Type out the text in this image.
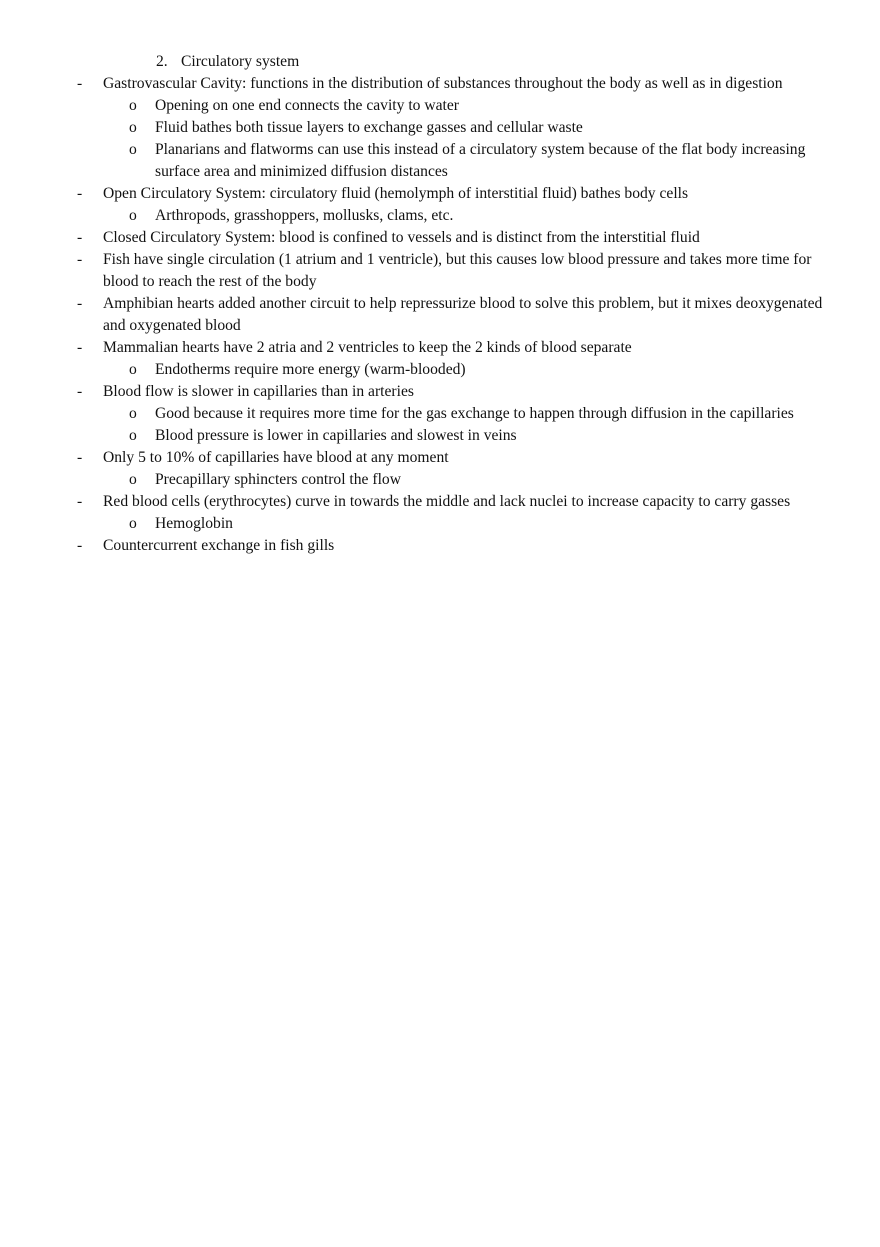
2. Circulatory system
- Gastrovascular Cavity: functions in the distribution of substances throughout the body as well as in digestion
o Opening on one end connects the cavity to water
o Fluid bathes both tissue layers to exchange gasses and cellular waste
o Planarians and flatworms can use this instead of a circulatory system because of the flat body increasing surface area and minimized diffusion distances
- Open Circulatory System: circulatory fluid (hemolymph of interstitial fluid) bathes body cells
o Arthropods, grasshoppers, mollusks, clams, etc.
- Closed Circulatory System: blood is confined to vessels and is distinct from the interstitial fluid
- Fish have single circulation (1 atrium and 1 ventricle), but this causes low blood pressure and takes more time for blood to reach the rest of the body
- Amphibian hearts added another circuit to help repressurize blood to solve this problem, but it mixes deoxygenated and oxygenated blood
- Mammalian hearts have 2 atria and 2 ventricles to keep the 2 kinds of blood separate
o Endotherms require more energy (warm-blooded)
- Blood flow is slower in capillaries than in arteries
o Good because it requires more time for the gas exchange to happen through diffusion in the capillaries
o Blood pressure is lower in capillaries and slowest in veins
- Only 5 to 10% of capillaries have blood at any moment
o Precapillary sphincters control the flow
- Red blood cells (erythrocytes) curve in towards the middle and lack nuclei to increase capacity to carry gasses
o Hemoglobin
- Countercurrent exchange in fish gills
